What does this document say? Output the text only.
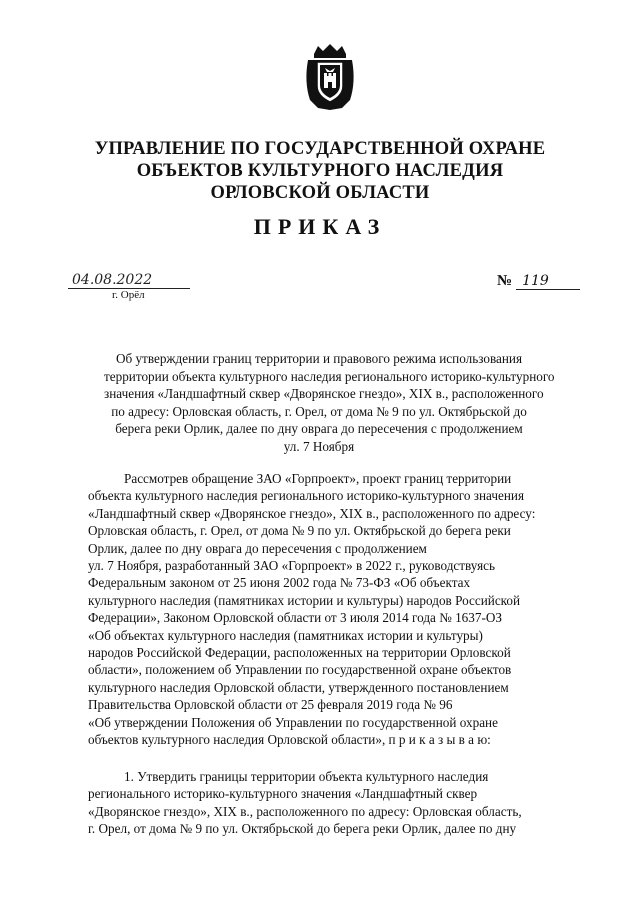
УПРАВЛЕНИЕ ПО ГОСУДАРСТВЕННОЙ ОХРАНЕ
ОБЪЕКТОВ КУЛЬТУРНОГО НАСЛЕДИЯ
ОРЛОВСКОЙ ОБЛАСТИ
ПРИКАЗ
04.08.2022
г. Орёл
№ 119
Об утверждении границ территории и правового режима использования
территории объекта культурного наследия регионального историко-культурного
значения «Ландшафтный сквер «Дворянское гнездо», XIX в., расположенного
по адресу: Орловская область, г. Орел, от дома № 9 по ул. Октябрьской до
берега реки Орлик, далее по дну оврага до пересечения с продолжением
ул. 7 Ноября
Рассмотрев обращение ЗАО «Горпроект», проект границ территории
объекта культурного наследия регионального историко-культурного значения
«Ландшафтный сквер «Дворянское гнездо», XIX в., расположенного по адресу:
Орловская область, г. Орел, от дома № 9 по ул. Октябрьской до берега реки
Орлик, далее по дну оврага до пересечения с продолжением
ул. 7 Ноября, разработанный ЗАО «Горпроект» в 2022 г., руководствуясь
Федеральным законом от 25 июня 2002 года № 73-ФЗ «Об объектах
культурного наследия (памятниках истории и культуры) народов Российской
Федерации», Законом Орловской области от 3 июля 2014 года № 1637-ОЗ
«Об объектах культурного наследия (памятниках истории и культуры)
народов Российской Федерации, расположенных на территории Орловской
области», положением об Управлении по государственной охране объектов
культурного наследия Орловской области, утвержденного постановлением
Правительства Орловской области от 25 февраля 2019 года № 96
«Об утверждении Положения об Управлении по государственной охране
объектов культурного наследия Орловской области», п р и к а з ы в а ю:
1. Утвердить границы территории объекта культурного наследия
регионального историко-культурного значения «Ландшафтный сквер
«Дворянское гнездо», XIX в., расположенного по адресу: Орловская область,
г. Орел, от дома № 9 по ул. Октябрьской до берега реки Орлик, далее по дну
